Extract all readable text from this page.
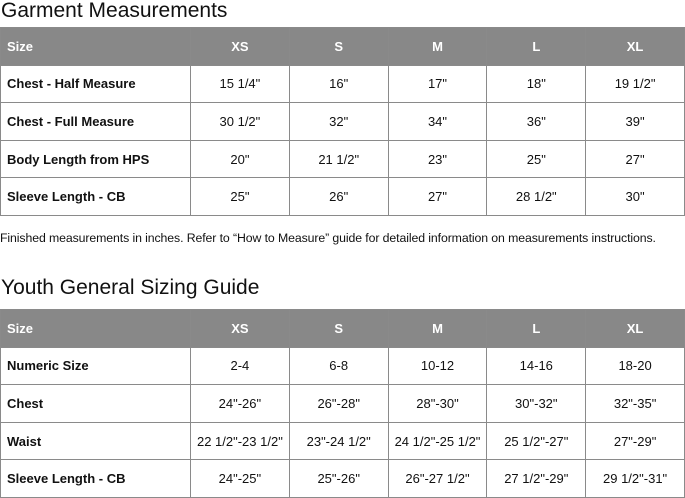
Garment Measurements
Size	XS	S	M	L	XL
Chest - Half Measure	15 1/4"	16"	17"	18"	19 1/2"
Chest - Full Measure	30 1/2"	32"	34"	36"	39"
Body Length from HPS	20"	21 1/2"	23"	25"	27"
Sleeve Length - CB	25"	26"	27"	28 1/2"	30"
Finished measurements in inches. Refer to “How to Measure” guide for detailed information on measurements instructions.
Youth General Sizing Guide
Size	XS	S	M	L	XL
Numeric Size	2-4	6-8	10-12	14-16	18-20
Chest	24"-26"	26"-28"	28"-30"	30"-32"	32"-35"
Waist	22 1/2"-23 1/2"	23"-24 1/2"	24 1/2"-25 1/2"	25 1/2"-27"	27"-29"
Sleeve Length - CB	24"-25"	25"-26"	26"-27 1/2"	27 1/2"-29"	29 1/2"-31"
